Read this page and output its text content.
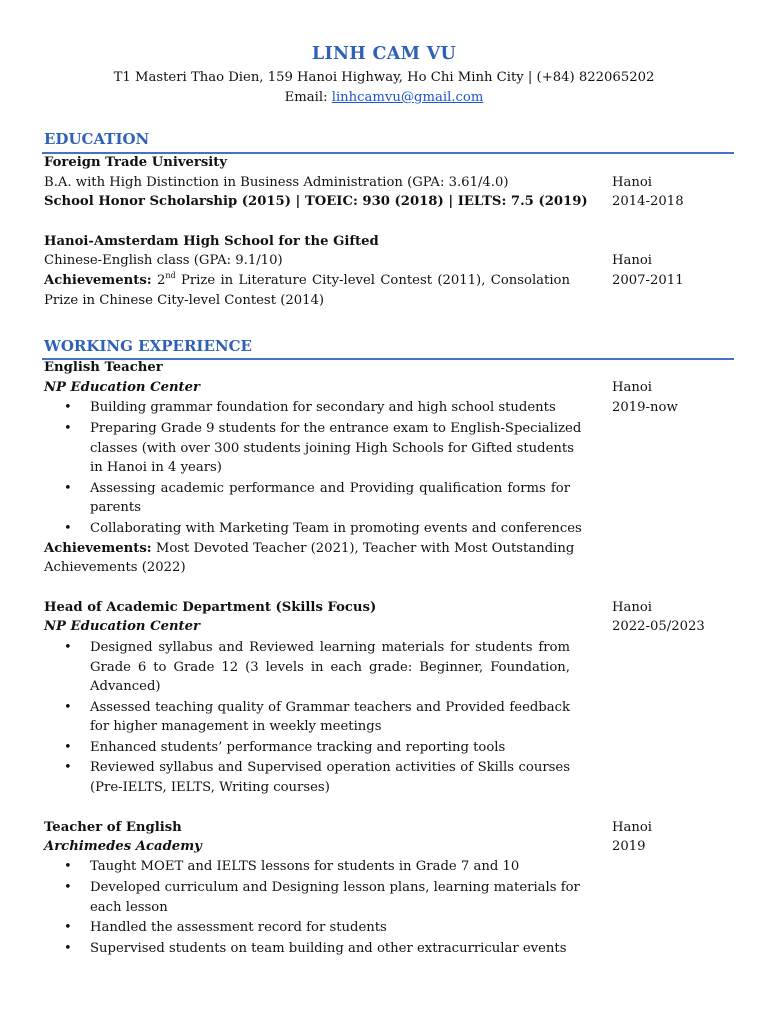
LINH CAM VU
T1 Masteri Thao Dien, 159 Hanoi Highway, Ho Chi Minh City | (+84) 822065202
Email: linhcamvu@gmail.com
EDUCATION
Foreign Trade University
B.A. with High Distinction in Business Administration (GPA: 3.61/4.0)
School Honor Scholarship (2015) | TOEIC: 930 (2018) | IELTS: 7.5 (2019)
Hanoi
2014-2018
Hanoi-Amsterdam High School for the Gifted
Chinese-English class (GPA: 9.1/10)
Achievements: 2nd Prize in Literature City-level Contest (2011), Consolation
Prize in Chinese City-level Contest (2014)
Hanoi
2007-2011
WORKING EXPERIENCE
English Teacher
NP Education Center	Hanoi
2019-now
• Building grammar foundation for secondary and high school students
• Preparing Grade 9 students for the entrance exam to English-Specialized
classes (with over 300 students joining High Schools for Gifted students
in Hanoi in 4 years)
• Assessing academic performance and Providing qualification forms for
parents
• Collaborating with Marketing Team in promoting events and conferences
Achievements: Most Devoted Teacher (2021), Teacher with Most Outstanding
Achievements (2022)
Head of Academic Department (Skills Focus)
NP Education Center
Hanoi
2022-05/2023
• Designed syllabus and Reviewed learning materials for students from
Grade 6 to Grade 12 (3 levels in each grade: Beginner, Foundation,
Advanced)
• Assessed teaching quality of Grammar teachers and Provided feedback
for higher management in weekly meetings
• Enhanced students’ performance tracking and reporting tools
• Reviewed syllabus and Supervised operation activities of Skills courses
(Pre-IELTS, IELTS, Writing courses)
Teacher of English
Archimedes Academy
Hanoi
2019
• Taught MOET and IELTS lessons for students in Grade 7 and 10
• Developed curriculum and Designing lesson plans, learning materials for
each lesson
• Handled the assessment record for students
• Supervised students on team building and other extracurricular events
